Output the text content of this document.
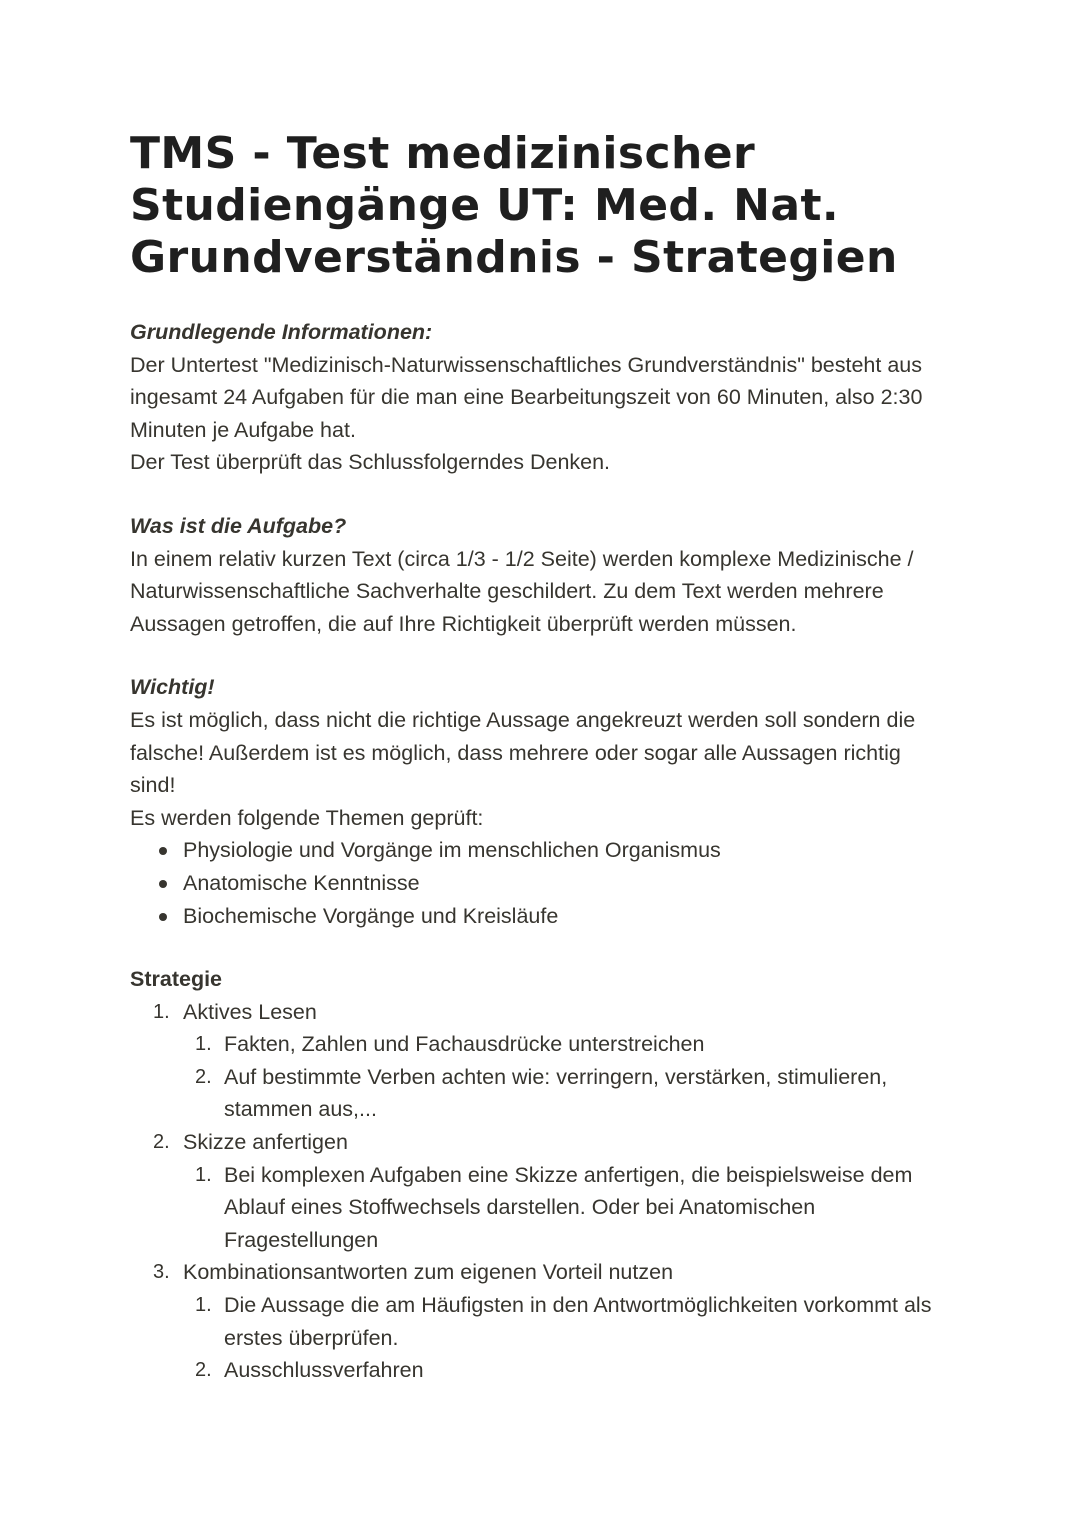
TMS - Test medizinischer Studiengänge UT: Med. Nat. Grundverständnis - Strategien
Grundlegende Informationen:
Der Untertest "Medizinisch-Naturwissenschaftliches Grundverständnis" besteht aus ingesamt 24 Aufgaben für die man eine Bearbeitungszeit von 60 Minuten, also 2:30 Minuten je Aufgabe hat.
Der Test überprüft das Schlussfolgerndes Denken.
Was ist die Aufgabe?
In einem relativ kurzen Text (circa 1/3 - 1/2 Seite) werden komplexe Medizinische / Naturwissenschaftliche Sachverhalte geschildert. Zu dem Text werden mehrere Aussagen getroffen, die auf Ihre Richtigkeit überprüft werden müssen.
Wichtig!
Es ist möglich, dass nicht die richtige Aussage angekreuzt werden soll sondern die falsche! Außerdem ist es möglich, dass mehrere oder sogar alle Aussagen richtig sind!
Es werden folgende Themen geprüft:
Physiologie und Vorgänge im menschlichen Organismus
Anatomische Kenntnisse
Biochemische Vorgänge und Kreisläufe
Strategie
1. Aktives Lesen
1. Fakten, Zahlen und Fachausdrücke unterstreichen
2. Auf bestimmte Verben achten wie: verringern, verstärken, stimulieren, stammen aus,...
2. Skizze anfertigen
1. Bei komplexen Aufgaben eine Skizze anfertigen, die beispielsweise dem Ablauf eines Stoffwechsels darstellen. Oder bei Anatomischen Fragestellungen
3. Kombinationsantworten zum eigenen Vorteil nutzen
1. Die Aussage die am Häufigsten in den Antwortmöglichkeiten vorkommt als erstes überprüfen.
2. Ausschlussverfahren
